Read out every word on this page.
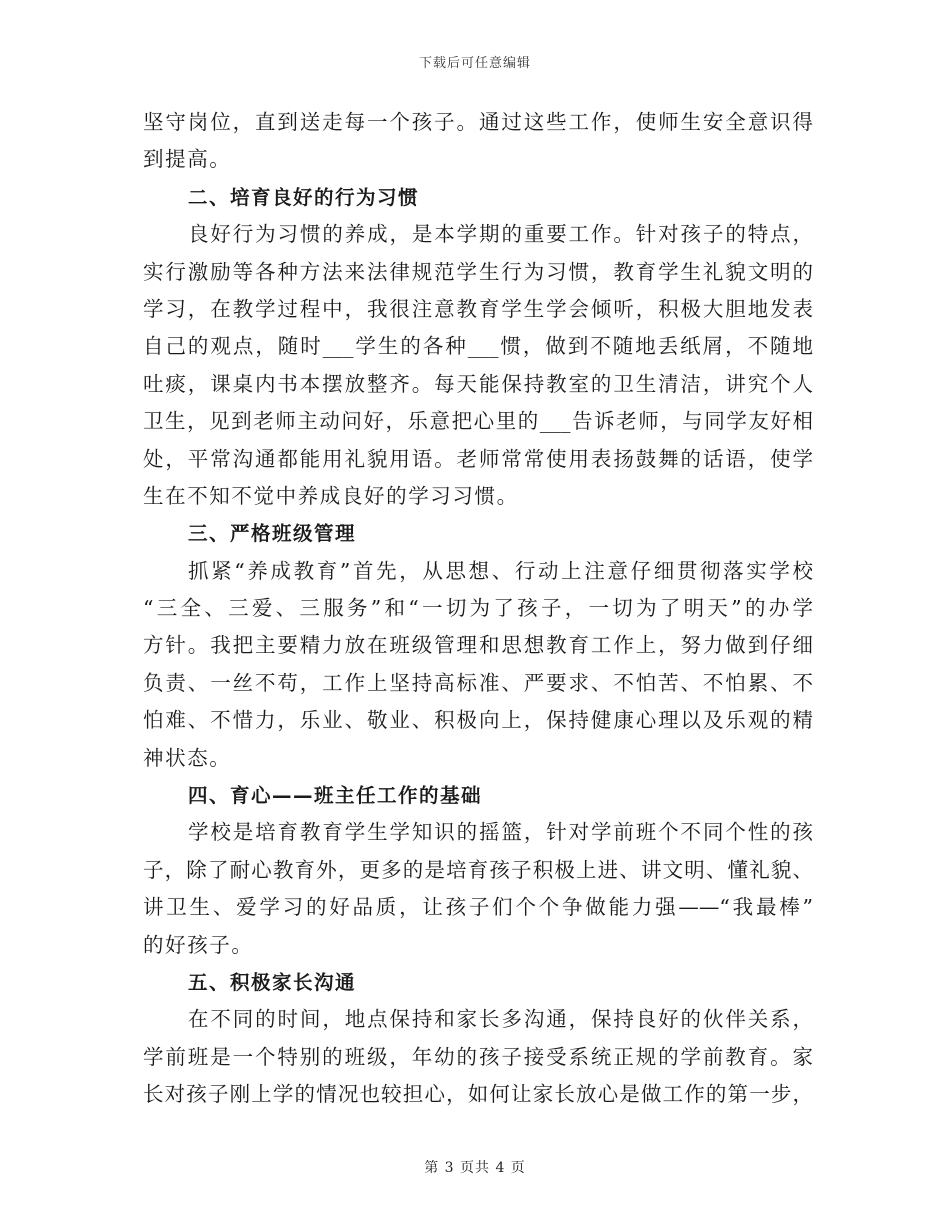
下载后可任意编辑
坚守岗位，直到送走每一个孩子。通过这些工作，使师生安全意识得
到提高。
二、培育良好的行为习惯
良好行为习惯的养成，是本学期的重要工作。针对孩子的特点，
实行激励等各种方法来法律规范学生行为习惯，教育学生礼貌文明的
学习，在教学过程中，我很注意教育学生学会倾听，积极大胆地发表
自己的观点，随时___学生的各种___惯，做到不随地丢纸屑，不随地
吐痰，课桌内书本摆放整齐。每天能保持教室的卫生清洁，讲究个人
卫生，见到老师主动问好，乐意把心里的___告诉老师，与同学友好相
处，平常沟通都能用礼貌用语。老师常常使用表扬鼓舞的话语，使学
生在不知不觉中养成良好的学习习惯。
三、严格班级管理
抓紧“养成教育”首先，从思想、行动上注意仔细贯彻落实学校
“三全、三爱、三服务”和“一切为了孩子，一切为了明天”的办学
方针。我把主要精力放在班级管理和思想教育工作上，努力做到仔细
负责、一丝不苟，工作上坚持高标准、严要求、不怕苦、不怕累、不
怕难、不惜力，乐业、敬业、积极向上，保持健康心理以及乐观的精
神状态。
四、育心——班主任工作的基础
学校是培育教育学生学知识的摇篮，针对学前班个不同个性的孩
子，除了耐心教育外，更多的是培育孩子积极上进、讲文明、懂礼貌、
讲卫生、爱学习的好品质，让孩子们个个争做能力强——“我最棒”
的好孩子。
五、积极家长沟通
在不同的时间，地点保持和家长多沟通，保持良好的伙伴关系，
学前班是一个特别的班级，年幼的孩子接受系统正规的学前教育。家
长对孩子刚上学的情况也较担心，如何让家长放心是做工作的第一步，
第 3 页共 4 页
